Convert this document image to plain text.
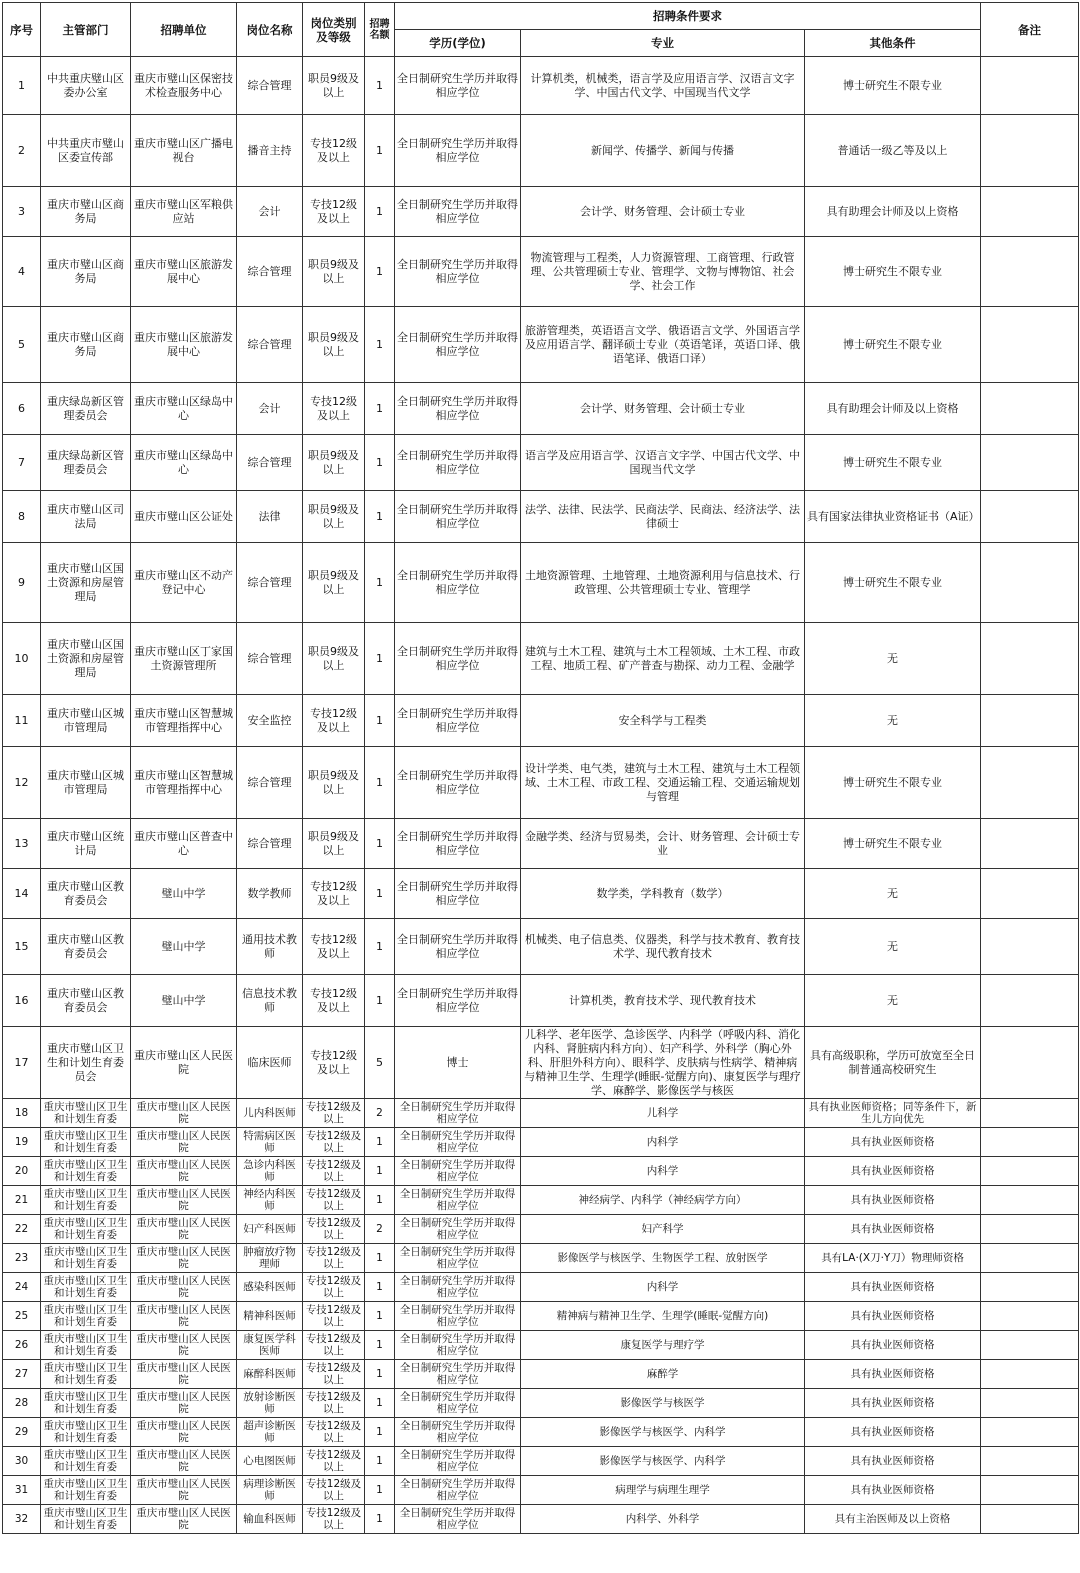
序号	主管部门	招聘单位	岗位名称	岗位类别及等级	招聘名额	招聘条件要求			备注
						学历(学位)	专业	其他条件	
1	中共重庆璧山区委办公室	重庆市璧山区保密技术检查服务中心	综合管理	职员9级及以上	1	全日制研究生学历并取得相应学位	计算机类，机械类，语言学及应用语言学、汉语言文字学、中国古代文学、中国现当代文学	博士研究生不限专业	
2	中共重庆市璧山区委宣传部	重庆市璧山区广播电视台	播音主持	专技12级及以上	1	全日制研究生学历并取得相应学位	新闻学、传播学、新闻与传播	普通话一级乙等及以上	
3	重庆市璧山区商务局	重庆市璧山区军粮供应站	会计	专技12级及以上	1	全日制研究生学历并取得相应学位	会计学、财务管理、会计硕士专业	具有助理会计师及以上资格	
4	重庆市璧山区商务局	重庆市璧山区旅游发展中心	综合管理	职员9级及以上	1	全日制研究生学历并取得相应学位	物流管理与工程类，人力资源管理、工商管理、行政管理、公共管理硕士专业、管理学、文物与博物馆、社会学、社会工作	博士研究生不限专业	
5	重庆市璧山区商务局	重庆市璧山区旅游发展中心	综合管理	职员9级及以上	1	全日制研究生学历并取得相应学位	旅游管理类，英语语言文学、俄语语言文学、外国语言学及应用语言学、翻译硕士专业（英语笔译，英语口译、俄语笔译、俄语口译）	博士研究生不限专业	
6	重庆绿岛新区管理委员会	重庆市璧山区绿岛中心	会计	专技12级及以上	1	全日制研究生学历并取得相应学位	会计学、财务管理、会计硕士专业	具有助理会计师及以上资格	
7	重庆绿岛新区管理委员会	重庆市璧山区绿岛中心	综合管理	职员9级及以上	1	全日制研究生学历并取得相应学位	语言学及应用语言学、汉语言文字学、中国古代文学、中国现当代文学	博士研究生不限专业	
8	重庆市璧山区司法局	重庆市璧山区公证处	法律	职员9级及以上	1	全日制研究生学历并取得相应学位	法学、法律、民法学、民商法学、民商法、经济法学、法律硕士	具有国家法律执业资格证书（A证）	
9	重庆市璧山区国土资源和房屋管理局	重庆市璧山区不动产登记中心	综合管理	职员9级及以上	1	全日制研究生学历并取得相应学位	土地资源管理、土地管理、土地资源利用与信息技术、行政管理、公共管理硕士专业、管理学	博士研究生不限专业	
10	重庆市璧山区国土资源和房屋管理局	重庆市璧山区丁家国土资源管理所	综合管理	职员9级及以上	1	全日制研究生学历并取得相应学位	建筑与土木工程、建筑与土木工程领域、土木工程、市政工程、地质工程、矿产普查与勘探、动力工程、金融学	无	
11	重庆市璧山区城市管理局	重庆市璧山区智慧城市管理指挥中心	安全监控	专技12级及以上	1	全日制研究生学历并取得相应学位	安全科学与工程类	无	
12	重庆市璧山区城市管理局	重庆市璧山区智慧城市管理指挥中心	综合管理	职员9级及以上	1	全日制研究生学历并取得相应学位	设计学类、电气类，建筑与土木工程、建筑与土木工程领域、土木工程、市政工程、交通运输工程、交通运输规划与管理	博士研究生不限专业	
13	重庆市璧山区统计局	重庆市璧山区普查中心	综合管理	职员9级及以上	1	全日制研究生学历并取得相应学位	金融学类、经济与贸易类，会计、财务管理、会计硕士专业	博士研究生不限专业	
14	重庆市璧山区教育委员会	璧山中学	数学教师	专技12级及以上	1	全日制研究生学历并取得相应学位	数学类，学科教育（数学）	无	
15	重庆市璧山区教育委员会	璧山中学	通用技术教师	专技12级及以上	1	全日制研究生学历并取得相应学位	机械类、电子信息类、仪器类，科学与技术教育、教育技术学、现代教育技术	无	
16	重庆市璧山区教育委员会	璧山中学	信息技术教师	专技12级及以上	1	全日制研究生学历并取得相应学位	计算机类，教育技术学、现代教育技术	无	
17	重庆市璧山区卫生和计划生育委员会	重庆市璧山区人民医院	临床医师	专技12级及以上	5	博士	儿科学、老年医学、急诊医学、内科学（呼吸内科、消化内科、肾脏病内科方向）、妇产科学、外科学（胸心外科、肝胆外科方向）、眼科学、皮肤病与性病学、精神病与精神卫生学、生理学(睡眠-觉醒方向)、康复医学与理疗学、麻醉学、影像医学与核医	具有高级职称，学历可放宽至全日制普通高校研究生	
18	重庆市璧山区卫生和计划生育委	重庆市璧山区人民医院	儿内科医师	专技12级及以上	2	全日制研究生学历并取得相应学位	儿科学	具有执业医师资格；同等条件下，新生儿方向优先	
19	重庆市璧山区卫生和计划生育委	重庆市璧山区人民医院	特需病区医师	专技12级及以上	1	全日制研究生学历并取得相应学位	内科学	具有执业医师资格	
20	重庆市璧山区卫生和计划生育委	重庆市璧山区人民医院	急诊内科医师	专技12级及以上	1	全日制研究生学历并取得相应学位	内科学	具有执业医师资格	
21	重庆市璧山区卫生和计划生育委	重庆市璧山区人民医院	神经内科医师	专技12级及以上	1	全日制研究生学历并取得相应学位	神经病学、内科学（神经病学方向）	具有执业医师资格	
22	重庆市璧山区卫生和计划生育委	重庆市璧山区人民医院	妇产科医师	专技12级及以上	2	全日制研究生学历并取得相应学位	妇产科学	具有执业医师资格	
23	重庆市璧山区卫生和计划生育委	重庆市璧山区人民医院	肿瘤放疗物理师	专技12级及以上	1	全日制研究生学历并取得相应学位	影像医学与核医学、生物医学工程、放射医学	具有LA·(X刀·Y刀）物理师资格	
24	重庆市璧山区卫生和计划生育委	重庆市璧山区人民医院	感染科医师	专技12级及以上	1	全日制研究生学历并取得相应学位	内科学	具有执业医师资格	
25	重庆市璧山区卫生和计划生育委	重庆市璧山区人民医院	精神科医师	专技12级及以上	1	全日制研究生学历并取得相应学位	精神病与精神卫生学、生理学(睡眠-觉醒方向)	具有执业医师资格	
26	重庆市璧山区卫生和计划生育委	重庆市璧山区人民医院	康复医学科医师	专技12级及以上	1	全日制研究生学历并取得相应学位	康复医学与理疗学	具有执业医师资格	
27	重庆市璧山区卫生和计划生育委	重庆市璧山区人民医院	麻醉科医师	专技12级及以上	1	全日制研究生学历并取得相应学位	麻醉学	具有执业医师资格	
28	重庆市璧山区卫生和计划生育委	重庆市璧山区人民医院	放射诊断医师	专技12级及以上	1	全日制研究生学历并取得相应学位	影像医学与核医学	具有执业医师资格	
29	重庆市璧山区卫生和计划生育委	重庆市璧山区人民医院	超声诊断医师	专技12级及以上	1	全日制研究生学历并取得相应学位	影像医学与核医学、内科学	具有执业医师资格	
30	重庆市璧山区卫生和计划生育委	重庆市璧山区人民医院	心电图医师	专技12级及以上	1	全日制研究生学历并取得相应学位	影像医学与核医学、内科学	具有执业医师资格	
31	重庆市璧山区卫生和计划生育委	重庆市璧山区人民医院	病理诊断医师	专技12级及以上	1	全日制研究生学历并取得相应学位	病理学与病理生理学	具有执业医师资格	
32	重庆市璧山区卫生和计划生育委	重庆市璧山区人民医院	输血科医师	专技12级及以上	1	全日制研究生学历并取得相应学位	内科学、外科学	具有主治医师及以上资格	
